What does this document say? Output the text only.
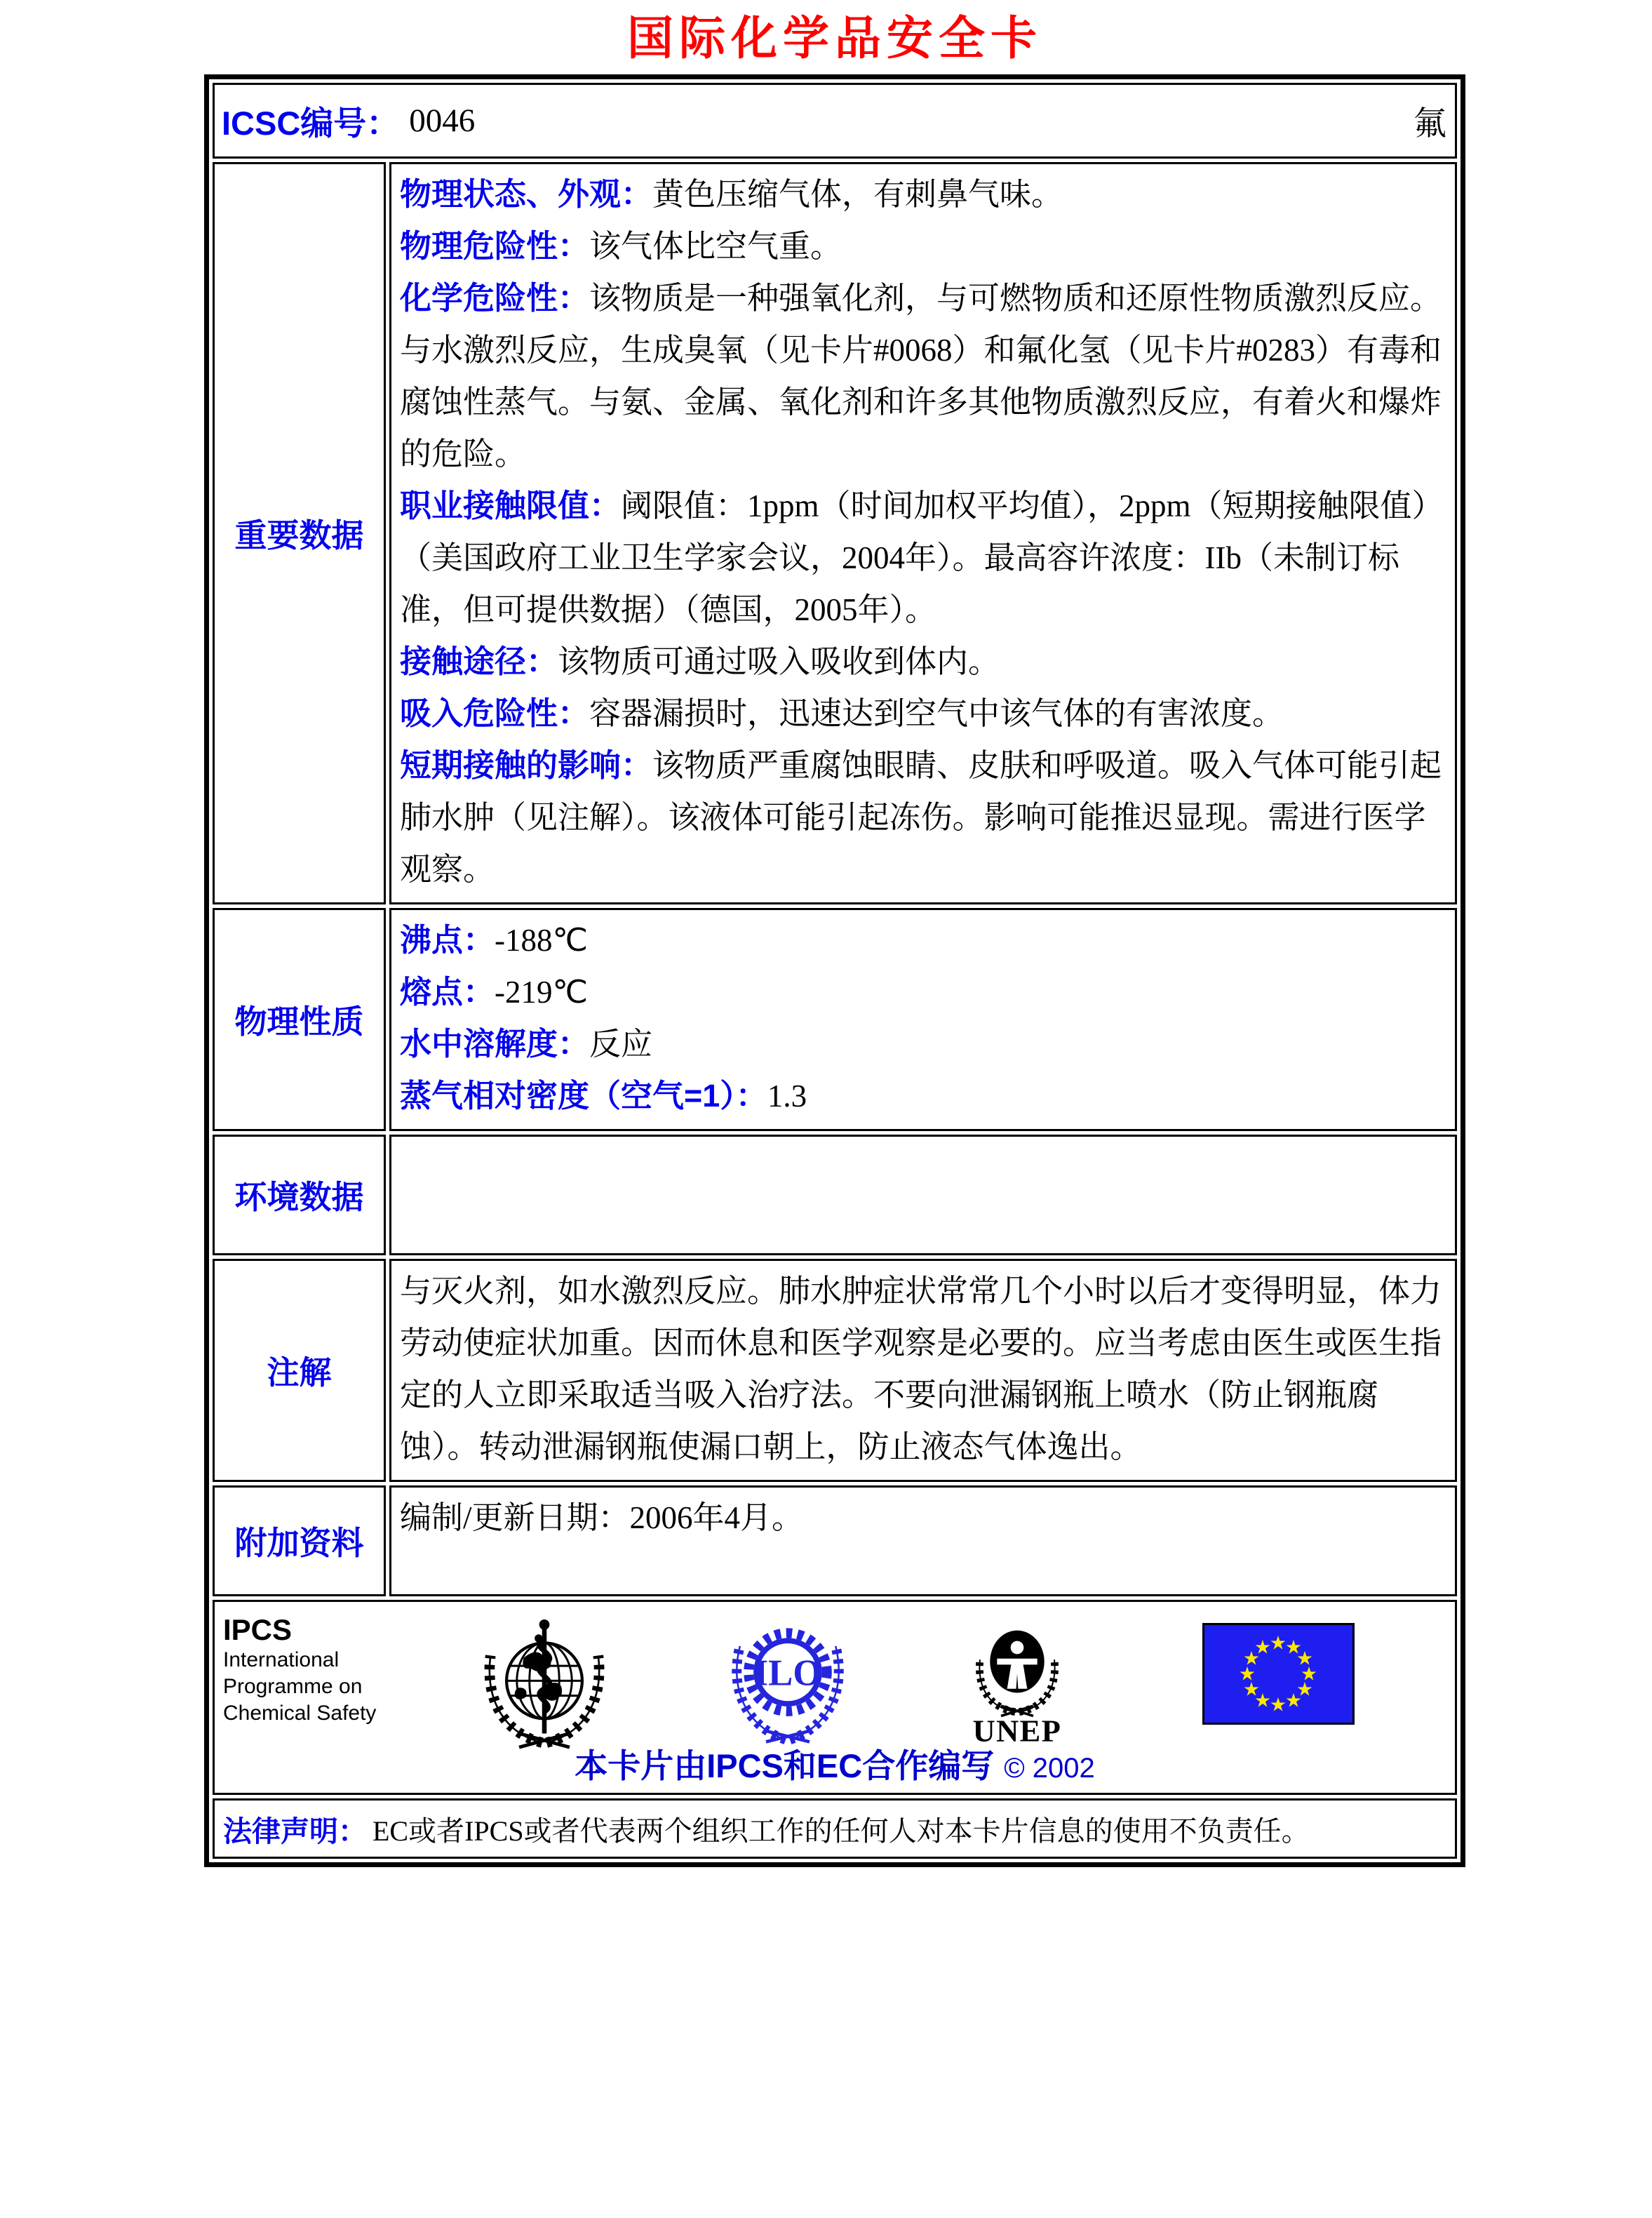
国际化学品安全卡
ICSC编号： 0046	氟
重要数据

物理状态、外观：黄色压缩气体，有刺鼻气味。

物理危险性：该气体比空气重。

化学危险性：该物质是一种强氧化剂，与可燃物质和还原性物质激烈反应。与水激烈反应，生成臭氧（见卡片#0068）和氟化氢（见卡片#0283）有毒和腐蚀性蒸气。与氨、金属、氧化剂和许多其他物质激烈反应，有着火和爆炸的危险。

职业接触限值：阈限值：1ppm（时间加权平均值），2ppm（短期接触限值）（美国政府工业卫生学家会议，2004年）。最高容许浓度：IIb（未制订标准，但可提供数据）（德国，2005年）。

接触途径：该物质可通过吸入吸收到体内。

吸入危险性：容器漏损时，迅速达到空气中该气体的有害浓度。

短期接触的影响：该物质严重腐蚀眼睛、皮肤和呼吸道。吸入气体可能引起肺水肿（见注解）。该液体可能引起冻伤。影响可能推迟显现。需进行医学观察。

物理性质

沸点：-188℃

熔点：-219℃

水中溶解度：反应

蒸气相对密度（空气=1）：1.3

环境数据
注解

与灭火剂，如水激烈反应。肺水肿症状常常几个小时以后才变得明显，体力劳动使症状加重。因而休息和医学观察是必要的。应当考虑由医生或医生指定的人立即采取适当吸入治疗法。不要向泄漏钢瓶上喷水（防止钢瓶腐蚀）。转动泄漏钢瓶使漏口朝上，防止液态气体逸出。

附加资料

编制/更新日期：2006年4月。

IPCS
International
Programme on
Chemical Safety
ILO
UNEP
★
★
★
★
★
★
★
★
★
★
★
★
本卡片由IPCS和EC合作编写 © 2002
法律声明： EC或者IPCS或者代表两个组织工作的任何人对本卡片信息的使用不负责任。
